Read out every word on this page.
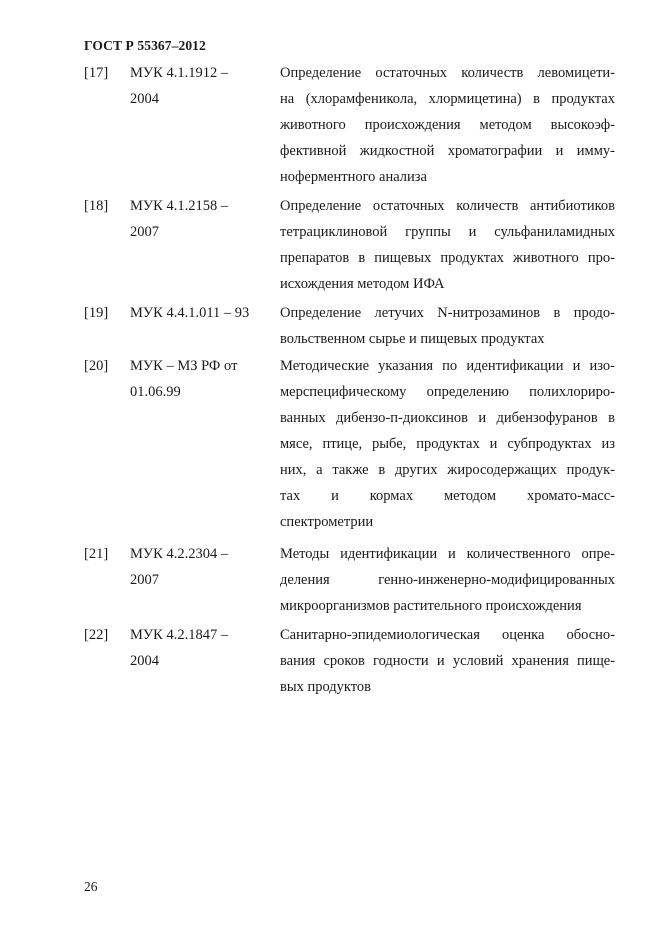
ГОСТ Р 55367–2012
[17] МУК 4.1.1912 –
2004
Определение остаточных количеств левомицети-
на (хлорамфеникола, хлормицетина) в продуктах
животного происхождения методом высокоэф-
фективной жидкостной хроматографии и имму-
ноферментного анализа
[18] МУК 4.1.2158 –
2007
Определение остаточных количеств антибиотиков
тетрациклиновой группы и сульфаниламидных
препаратов в пищевых продуктах животного про-
исхождения методом ИФА
[19] МУК 4.4.1.011 – 93	Определение летучих N-нитрозаминов в продо-
вольственном сырье и пищевых продуктах
[20] МУК – МЗ РФ от
01.06.99
Методические указания по идентификации и изо-
мерспецифическому определению полихлориро-
ванных дибензо-п-диоксинов и дибензофуранов в
мясе, птице, рыбе, продуктах и субпродуктах из
них, а также в других жиросодержащих продук-
тах и кормах методом хромато-масс-
спектрометрии
[21] МУК 4.2.2304 –
2007
Методы идентификации и количественного опре-
деления генно-инженерно-модифицированных
микроорганизмов растительного происхождения
[22] МУК 4.2.1847 –
2004
Санитарно-эпидемиологическая оценка обосно-
вания сроков годности и условий хранения пище-
вых продуктов
26
